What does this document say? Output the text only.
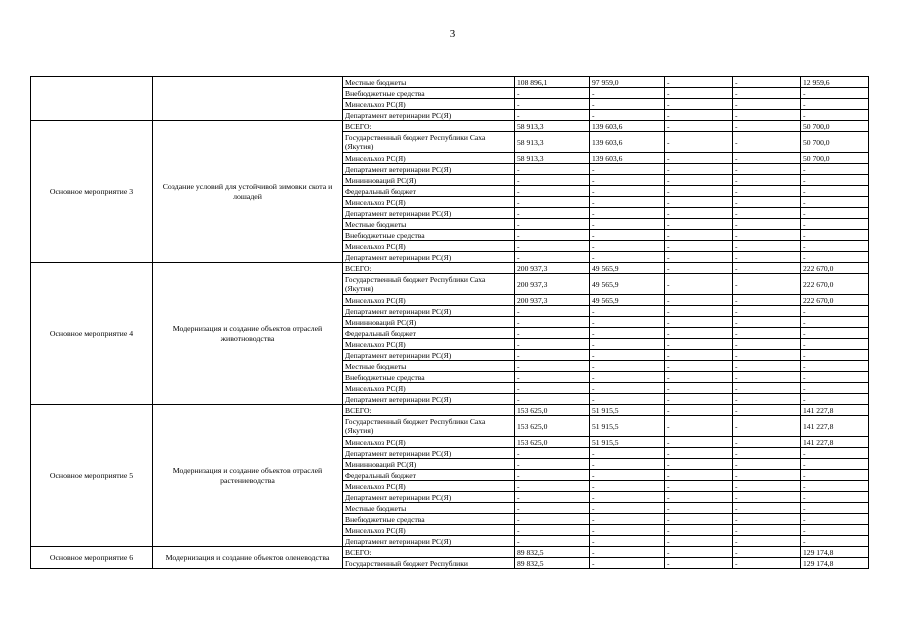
3
		Местные бюджеты	108 896,1	97 959,0	-	-	12 959,6
		Внебюджетные средства	-	-	-	-	-
		Минсельхоз РС(Я)	-	-	-	-	-
		Департамент ветеринарии РС(Я)	-	-	-	-	-
Основное мероприятие 3	Создание условий для устойчивой зимовки скота и лошадей	ВСЕГО:	58 913,3	139 603,6	-	-	50 700,0
		Государственный бюджет Республики Саха (Якутия)	58 913,3	139 603,6	-	-	50 700,0
		Минсельхоз РС(Я)	58 913,3	139 603,6	-	-	50 700,0
		Департамент ветеринарии РС(Я)	-	-	-	-	-
		Мининноваций РС(Я)	-	-	-	-	-
		Федеральный бюджет	-	-	-	-	-
		Минсельхоз РС(Я)	-	-	-	-	-
		Департамент ветеринарии РС(Я)	-	-	-	-	-
		Местные бюджеты	-	-	-	-	-
		Внебюджетные средства	-	-	-	-	-
		Минсельхоз РС(Я)	-	-	-	-	-
		Департамент ветеринарии РС(Я)	-	-	-	-	-
Основное мероприятие 4	Модернизация и создание объектов отраслей животноводства	ВСЕГО:	200 937,3	49 565,9	-	-	222 670,0
		Государственный бюджет Республики Саха (Якутия)	200 937,3	49 565,9	-	-	222 670,0
		Минсельхоз РС(Я)	200 937,3	49 565,9	-	-	222 670,0
		Департамент ветеринарии РС(Я)	-	-	-	-	-
		Мининноваций РС(Я)	-	-	-	-	-
		Федеральный бюджет	-	-	-	-	-
		Минсельхоз РС(Я)	-	-	-	-	-
		Департамент ветеринарии РС(Я)	-	-	-	-	-
		Местные бюджеты	-	-	-	-	-
		Внебюджетные средства	-	-	-	-	-
		Минсельхоз РС(Я)	-	-	-	-	-
		Департамент ветеринарии РС(Я)	-	-	-	-	-
Основное мероприятие 5	Модернизация и создание объектов отраслей растениеводства	ВСЕГО:	153 625,0	51 915,5	-	-	141 227,8
		Государственный бюджет Республики Саха (Якутия)	153 625,0	51 915,5	-	-	141 227,8
		Минсельхоз РС(Я)	153 625,0	51 915,5	-	-	141 227,8
		Департамент ветеринарии РС(Я)	-	-	-	-	-
		Мининноваций РС(Я)	-	-	-	-	-
		Федеральный бюджет	-	-	-	-	-
		Минсельхоз РС(Я)	-	-	-	-	-
		Департамент ветеринарии РС(Я)	-	-	-	-	-
		Местные бюджеты	-	-	-	-	-
		Внебюджетные средства	-	-	-	-	-
		Минсельхоз РС(Я)	-	-	-	-	-
		Департамент ветеринарии РС(Я)	-	-	-	-	-
Основное мероприятие 6	Модернизация и создание объектов оленеводства	ВСЕГО:	89 832,5	-	-	-	129 174,8
		Государственный бюджет Республики	89 832,5	-	-	-	129 174,8
